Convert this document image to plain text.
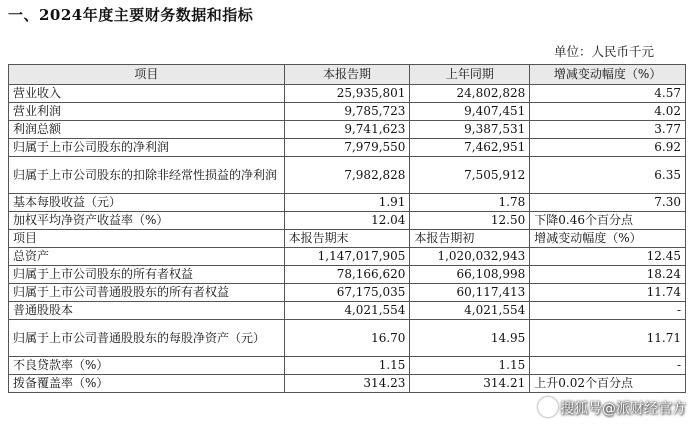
一、2024年度主要财务数据和指标
单位：人民币千元
项目	本报告期	上年同期	增减变动幅度（%）
营业收入	25,935,801	24,802,828	4.57
营业利润	9,785,723	9,407,451	4.02
利润总额	9,741,623	9,387,531	3.77
归属于上市公司股东的净利润	7,979,550	7,462,951	6.92
归属于上市公司股东的扣除非经常性损益的净利润	7,982,828	7,505,912	6.35
基本每股收益（元）	1.91	1.78	7.30
加权平均净资产收益率（%）	12.04	12.50	下降0.46个百分点
项目	本报告期末	本报告期初	增减变动幅度（%）
总资产	1,147,017,905	1,020,032,943	12.45
归属于上市公司股东的所有者权益	78,166,620	66,108,998	18.24
归属于上市公司普通股股东的所有者权益	67,175,035	60,117,413	11.74
普通股股本	4,021,554	4,021,554	-
归属于上市公司普通股股东的每股净资产（元）	16.70	14.95	11.71
不良贷款率（%）	1.15	1.15	-
拨备覆盖率（%）	314.23	314.21	上升0.02个百分点
搜狐号@派财经官方
